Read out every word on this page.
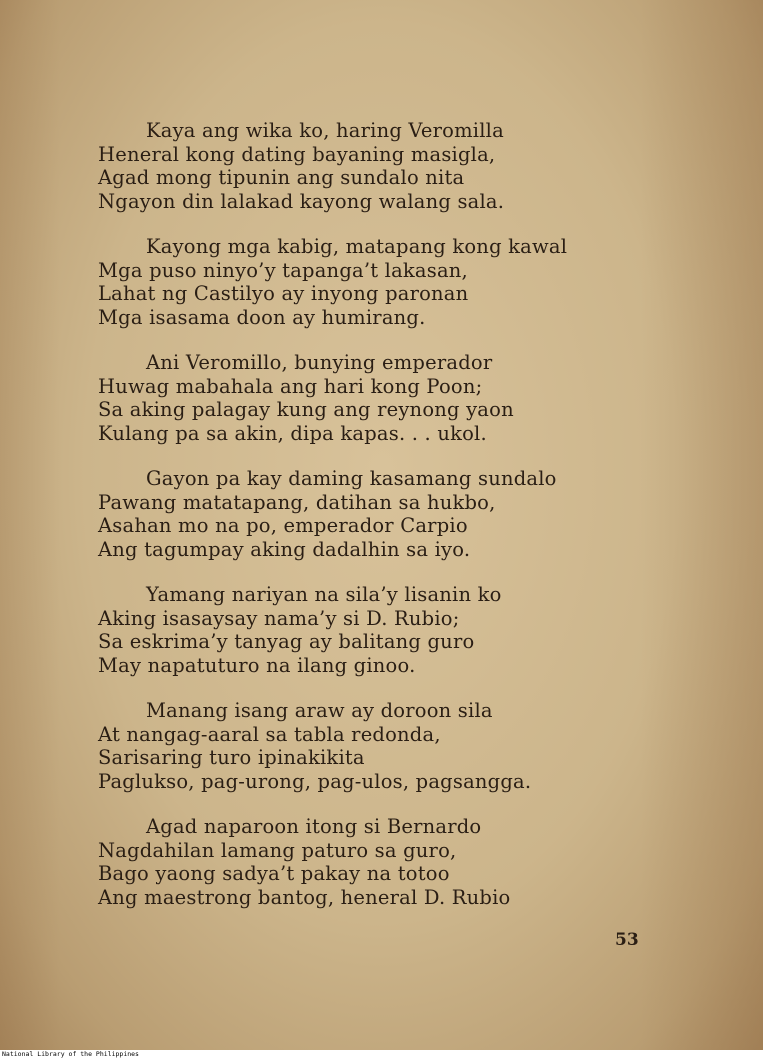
Kaya ang wika ko, haring Veromilla
Heneral kong dating bayaning masigla,
Agad mong tipunin ang sundalo nita
Ngayon din lalakad kayong walang sala.
Kayong mga kabig, matapang kong kawal
Mga puso ninyo’y tapanga’t lakasan,
Lahat ng Castilyo ay inyong paronan
Mga isasama doon ay humirang.
Ani Veromillo, bunying emperador
Huwag mabahala ang hari kong Poon;
Sa aking palagay kung ang reynong yaon
Kulang pa sa akin, dipa kapas. . . ukol.
Gayon pa kay daming kasamang sundalo
Pawang matatapang, datihan sa hukbo,
Asahan mo na po, emperador Carpio
Ang tagumpay aking dadalhin sa iyo.
Yamang nariyan na sila’y lisanin ko
Aking isasaysay nama’y si D. Rubio;
Sa eskrima’y tanyag ay balitang guro
May napatuturo na ilang ginoo.
Manang isang araw ay doroon sila
At nangag-aaral sa tabla redonda,
Sarisaring turo ipinakikita
Paglukso, pag-urong, pag-ulos, pagsangga.
Agad naparoon itong si Bernardo
Nagdahilan lamang paturo sa guro,
Bago yaong sadya’t pakay na totoo
Ang maestrong bantog, heneral D. Rubio
53
National Library of the Philippines
